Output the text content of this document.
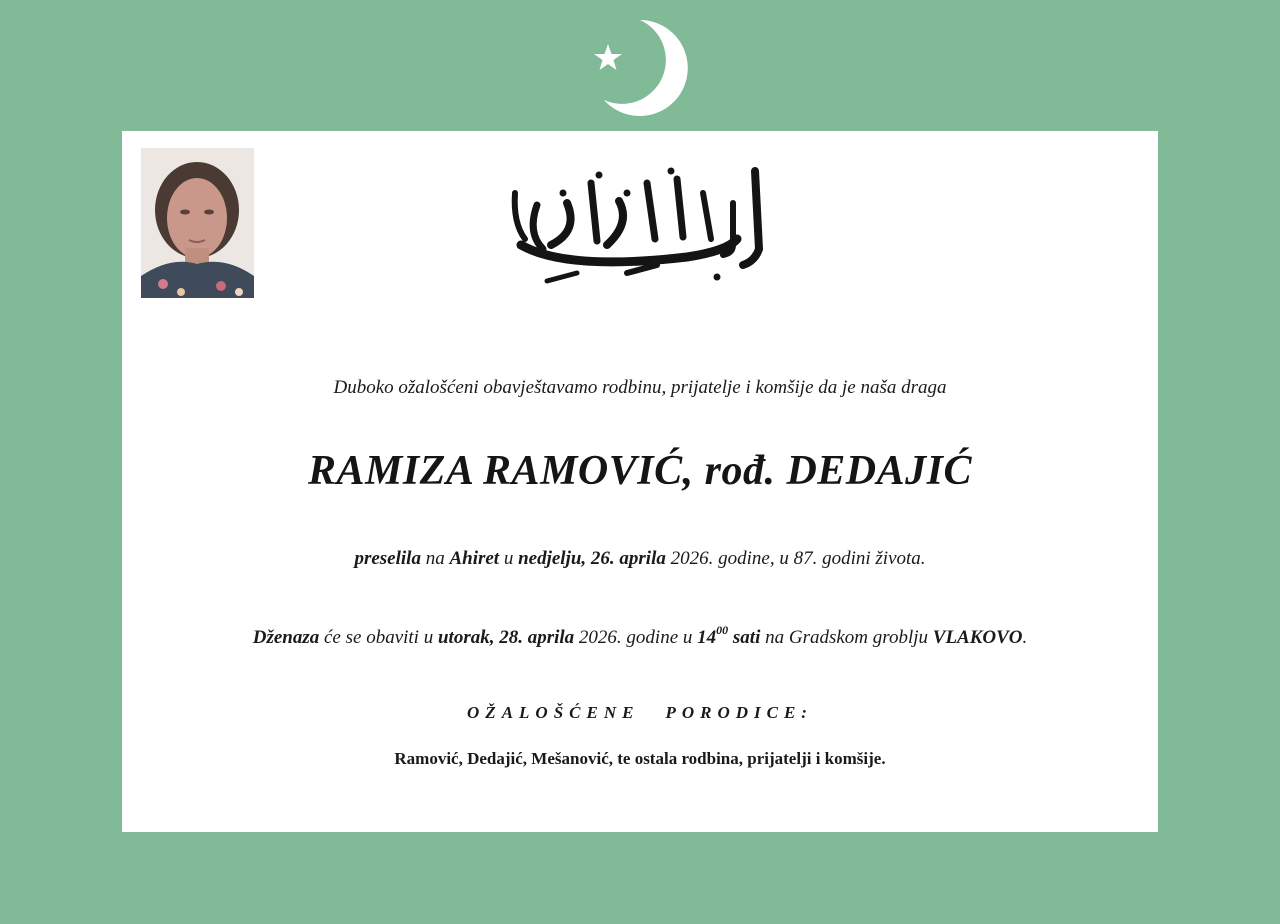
Duboko ožalošćeni obavještavamo rodbinu, prijatelje i komšije da je naša draga
RAMIZA RAMOVIĆ, rođ. DEDAJIĆ
preselila na Ahiret u nedjelju, 26. aprila 2026. godine, u 87. godini života.
Dženaza će se obaviti u utorak, 28. aprila 2026. godine u $14^{00}$ sati na Gradskom groblju VLAKOVO.
OŽALOŠĆENE PORODICE:
Ramović, Dedajić, Mešanović, te ostala rodbina, prijatelji i komšije.
